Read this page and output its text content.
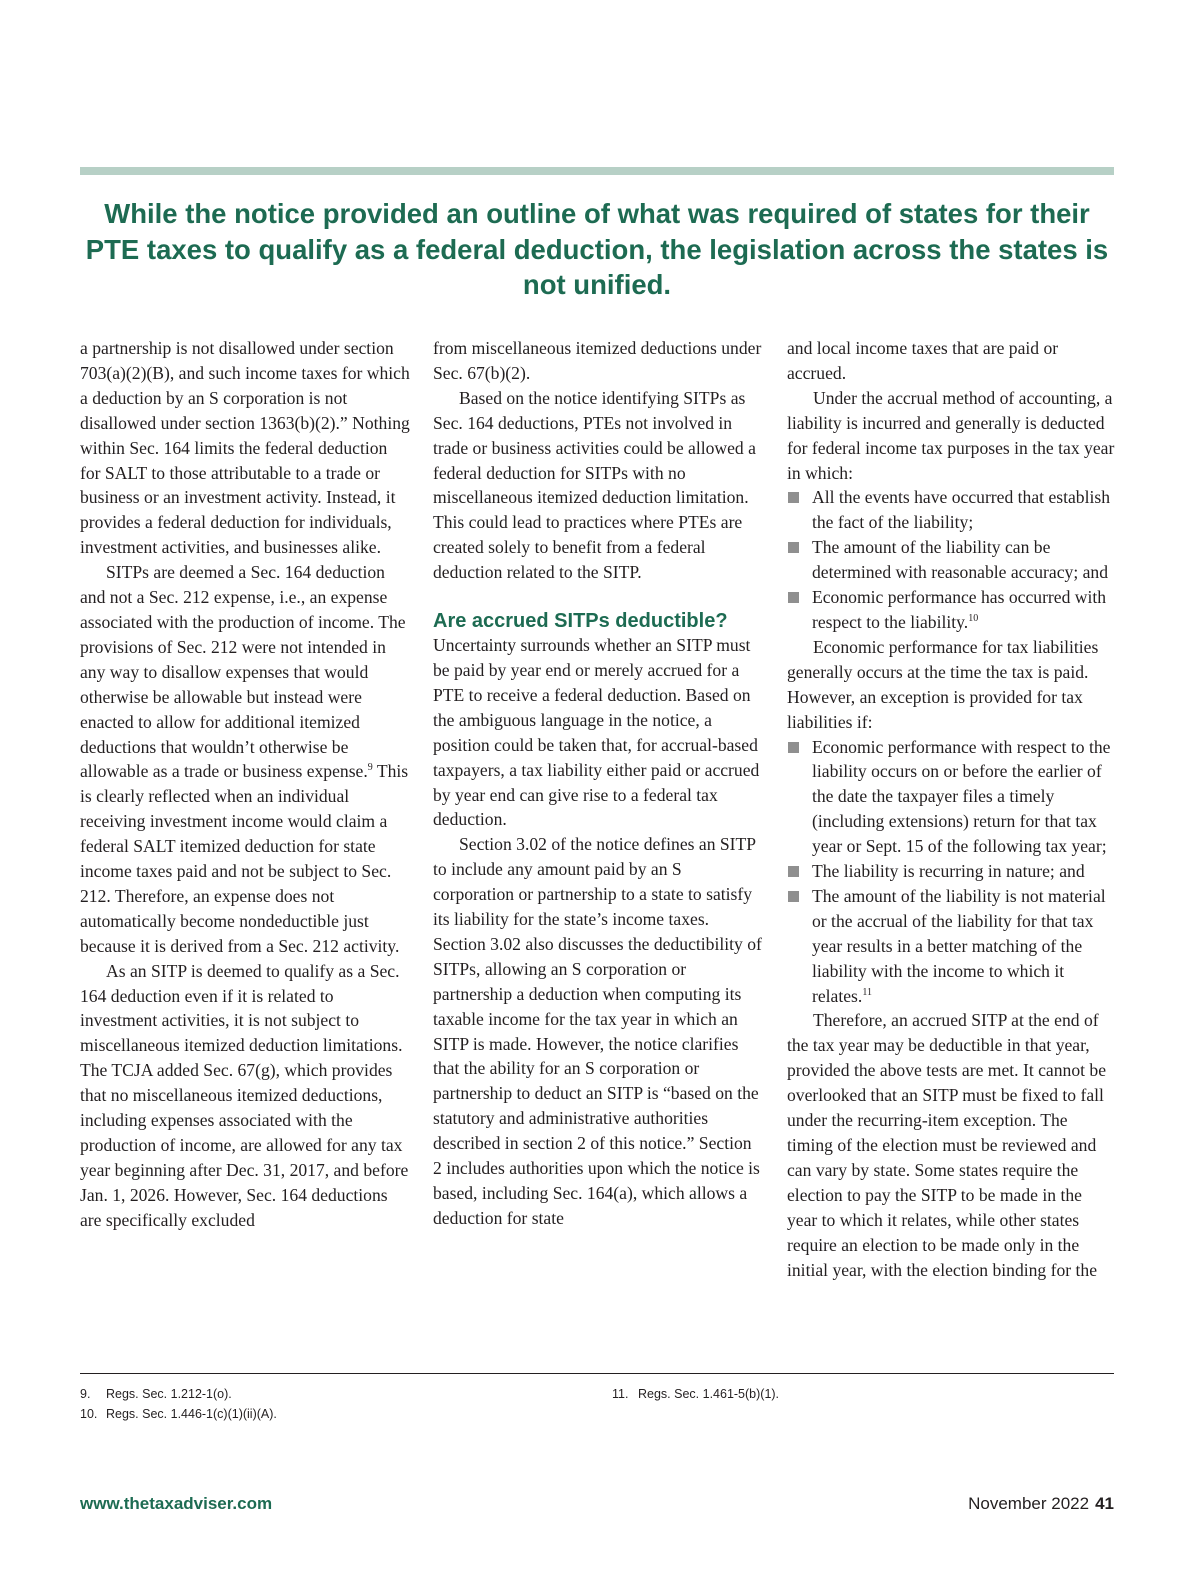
While the notice provided an outline of what was required of states for their PTE taxes to qualify as a federal deduction, the legislation across the states is not unified.

a partnership is not disallowed under section 703(a)(2)(B), and such income taxes for which a deduction by an S corporation is not disallowed under section 1363(b)(2).” Nothing within Sec. 164 limits the federal deduction for SALT to those attributable to a trade or business or an investment activity. Instead, it provides a federal deduction for individuals, investment activities, and businesses alike.

SITPs are deemed a Sec. 164 deduction and not a Sec. 212 expense, i.e., an expense associated with the production of income. The provisions of Sec. 212 were not intended in any way to disallow expenses that would otherwise be allowable but instead were enacted to allow for additional itemized deductions that wouldn’t otherwise be allowable as a trade or business expense.$^9$ This is clearly reflected when an individual receiving investment income would claim a federal SALT itemized deduction for state income taxes paid and not be subject to Sec. 212. Therefore, an expense does not automatically become nondeductible just because it is derived from a Sec. 212 activity.

As an SITP is deemed to qualify as a Sec. 164 deduction even if it is related to investment activities, it is not subject to miscellaneous itemized deduction limitations. The TCJA added Sec. 67(g), which provides that no miscellaneous itemized deductions, including expenses associated with the production of income, are allowed for any tax year beginning after Dec. 31, 2017, and before Jan. 1, 2026. However, Sec. 164 deductions are specifically excluded

from miscellaneous itemized deductions under Sec. 67(b)(2).

Based on the notice identifying SITPs as Sec. 164 deductions, PTEs not involved in trade or business activities could be allowed a federal deduction for SITPs with no miscellaneous itemized deduction limitation. This could lead to practices where PTEs are created solely to benefit from a federal deduction related to the SITP.

Are accrued SITPs deductible?

Uncertainty surrounds whether an SITP must be paid by year end or merely accrued for a PTE to receive a federal deduction. Based on the ambiguous language in the notice, a position could be taken that, for accrual-based taxpayers, a tax liability either paid or accrued by year end can give rise to a federal tax deduction.

Section 3.02 of the notice defines an SITP to include any amount paid by an S corporation or partnership to a state to satisfy its liability for the state’s income taxes. Section 3.02 also discusses the deductibility of SITPs, allowing an S corporation or partnership a deduction when computing its taxable income for the tax year in which an SITP is made. However, the notice clarifies that the ability for an S corporation or partnership to deduct an SITP is “based on the statutory and administrative authorities described in section 2 of this notice.” Section 2 includes authorities upon which the notice is based, including Sec. 164(a), which allows a deduction for state

and local income taxes that are paid or accrued.

Under the accrual method of accounting, a liability is incurred and generally is deducted for federal income tax purposes in the tax year in which:

All the events have occurred that establish the fact of the liability;
The amount of the liability can be determined with reasonable accuracy; and
Economic performance has occurred with respect to the liability.$^{10}$

Economic performance for tax liabilities generally occurs at the time the tax is paid. However, an exception is provided for tax liabilities if:

Economic performance with respect to the liability occurs on or before the earlier of the date the taxpayer files a timely (including extensions) return for that tax year or Sept. 15 of the following tax year;
The liability is recurring in nature; and
The amount of the liability is not material or the accrual of the liability for that tax year results in a better matching of the liability with the income to which it relates.$^{11}$

Therefore, an accrued SITP at the end of the tax year may be deductible in that year, provided the above tests are met. It cannot be overlooked that an SITP must be fixed to fall under the recurring-item exception. The timing of the election must be reviewed and can vary by state. Some states require the election to pay the SITP to be made in the year to which it relates, while other states require an election to be made only in the initial year, with the election binding for the

9. Regs. Sec. 1.212-1(o).
10. Regs. Sec. 1.446-1(c)(1)(ii)(A).
11. Regs. Sec. 1.461-5(b)(1).
www.thetaxadviser.com	November 2022 41
